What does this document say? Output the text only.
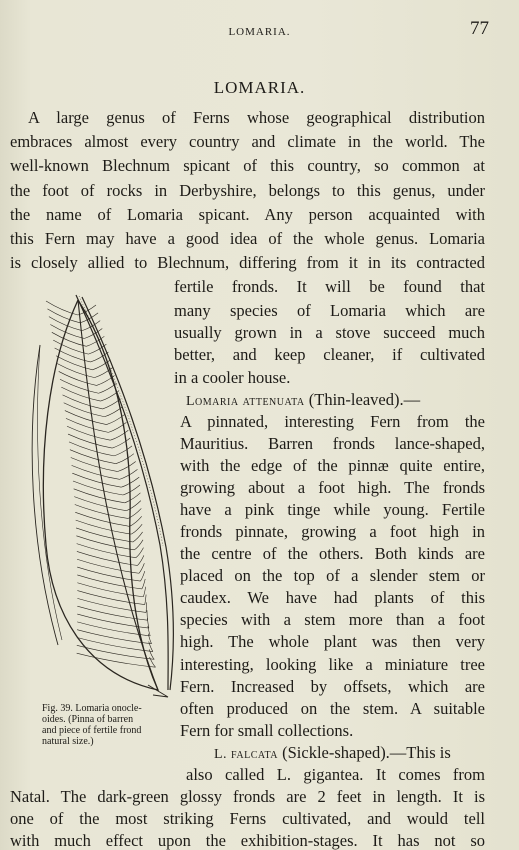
LOMARIA.	77
LOMARIA.
A large genus of Ferns whose geographical distribution
embraces almost every country and climate in the world. The
well-known Blechnum spicant of this country, so common at
the foot of rocks in Derbyshire, belongs to this genus, under
the name of Lomaria spicant. Any person acquainted with
this Fern may have a good idea of the whole genus. Lomaria
is closely allied to Blechnum, differing from it in its contracted
fertile fronds. It will be found that
many species of Lomaria which are
usually grown in a stove succeed much
better, and keep cleaner, if cultivated
in a cooler house.
Lomaria attenuata (Thin-leaved).—
A pinnated, interesting Fern from the
Mauritius. Barren fronds lance-shaped,
with the edge of the pinnæ quite entire,
growing about a foot high. The fronds
have a pink tinge while young. Fertile
fronds pinnate, growing a foot high in
the centre of the others. Both kinds are
placed on the top of a slender stem or
caudex. We have had plants of this
species with a stem more than a foot
high. The whole plant was then very
interesting, looking like a miniature tree
Fern. Increased by offsets, which are
often produced on the stem. A suitable
Fern for small collections.
L. falcata (Sickle-shaped).—This is
also called L. gigantea. It comes from
Natal. The dark-green glossy fronds are 2 feet in length. It is
one of the most striking Ferns cultivated, and would tell
with much effect upon the exhibition-stages. It has not so
Fig. 39. Lomaria onocle-
oides. (Pinna of barren
and piece of fertile frond
natural size.)
